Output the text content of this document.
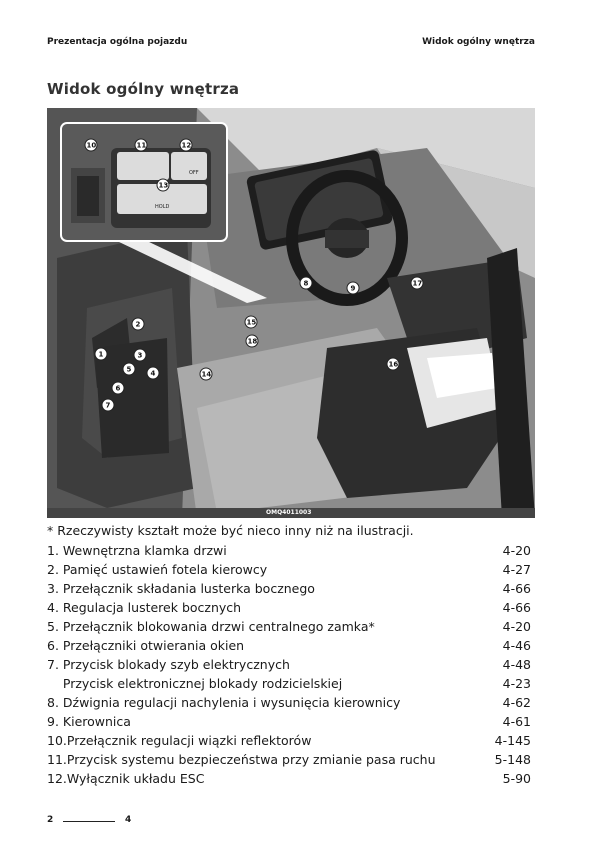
Prezentacja ogólna pojazdu	Widok ogólny wnętrza
Widok ogólny wnętrza
OFF
HOLD
1
2
3
4
5
6
7
8
9
10	11	12
13
14
15
16
17
18
OMQ4011003
* Rzeczywisty kształt może być nieco inny niż na ilustracji.
1. Wewnętrzna klamka drzwi	4-20
2. Pamięć ustawień fotela kierowcy	4-27
3. Przełącznik składania lusterka bocznego	4-66
4. Regulacja lusterek bocznych	4-66
5. Przełącznik blokowania drzwi centralnego zamka*	4-20
6. Przełączniki otwierania okien	4-46
7. Przycisk blokady szyb elektrycznych	4-48
Przycisk elektronicznej blokady rodzicielskiej	4-23
8. Dźwignia regulacji nachylenia i wysunięcia kierownicy	4-62
9. Kierownica	4-61
10.Przełącznik regulacji wiązki reflektorów	4-145
11.Przycisk systemu bezpieczeństwa przy zmianie pasa ruchu	5-148
12.Wyłącznik układu ESC	5-90
2	4
